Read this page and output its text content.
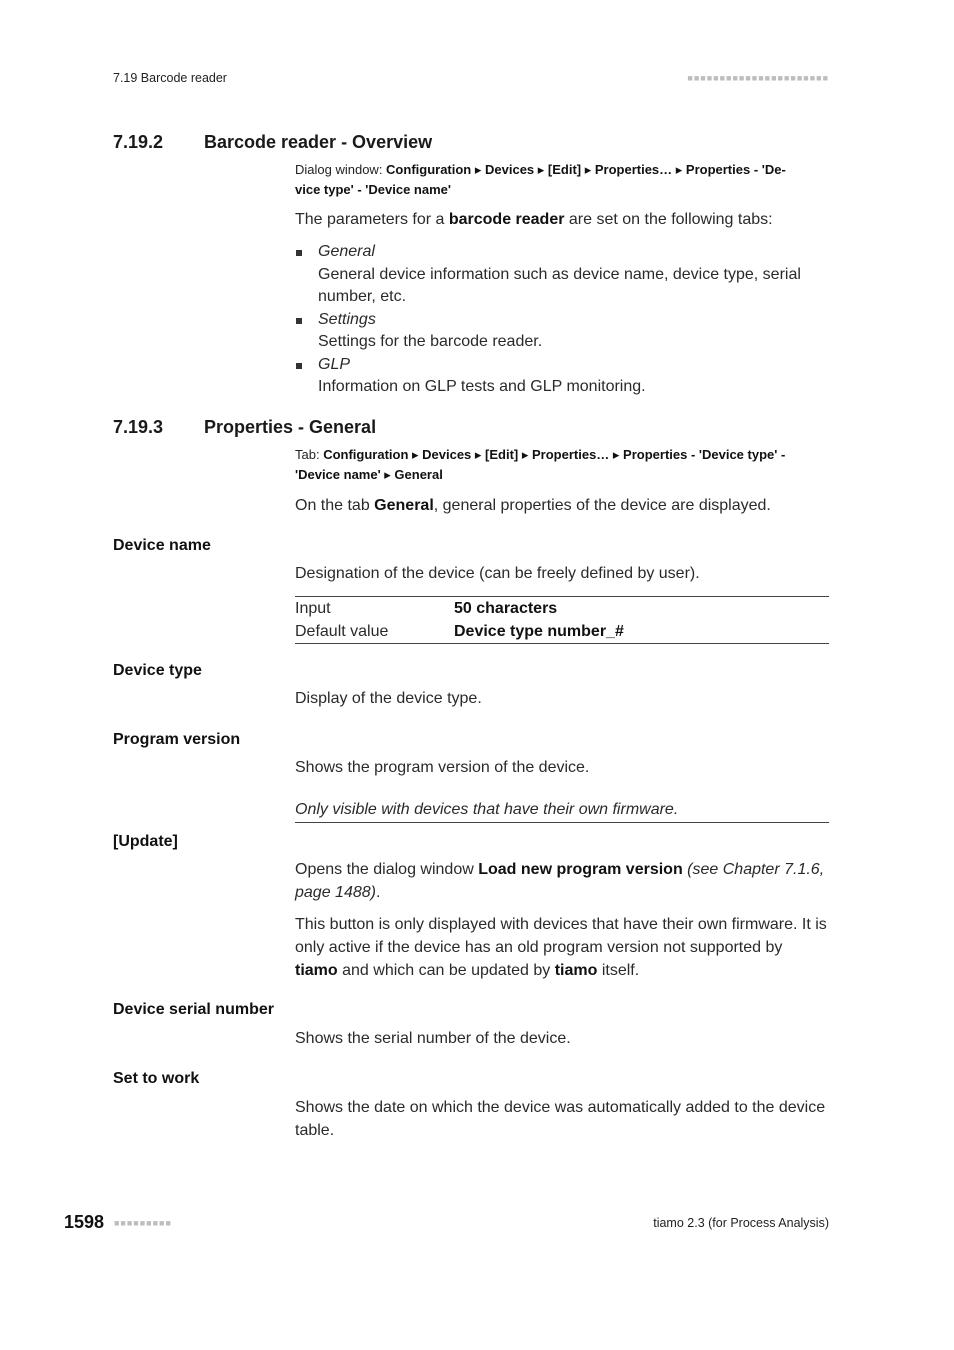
7.19 Barcode reader	■■■■■■■■■■■■■■■■■■■■■■
7.19.2 Barcode reader - Overview
Dialog window: Configuration ▸ Devices ▸ [Edit] ▸ Properties… ▸ Properties - 'De-
vice type' - 'Device name'
The parameters for a barcode reader are set on the following tabs:
General
General device information such as device name, device type, serial number, etc.
Settings
Settings for the barcode reader.
GLP
Information on GLP tests and GLP monitoring.
7.19.3 Properties - General
Tab: Configuration ▸ Devices ▸ [Edit] ▸ Properties… ▸ Properties - 'Device type' -
'Device name' ▸ General
On the tab General, general properties of the device are displayed.
Device name
Designation of the device (can be freely defined by user).
Input	50 characters
Default value	Device type number_#
Device type
Display of the device type.
Program version
Shows the program version of the device.
Only visible with devices that have their own firmware.
[Update]
Opens the dialog window Load new program version (see Chapter 7.1.6, page 1488).
This button is only displayed with devices that have their own firmware. It is only active if the device has an old program version not supported by tiamo and which can be updated by tiamo itself.
Device serial number
Shows the serial number of the device.
Set to work
Shows the date on which the device was automatically added to the device table.
1598 ■■■■■■■■■	tiamo 2.3 (for Process Analysis)
